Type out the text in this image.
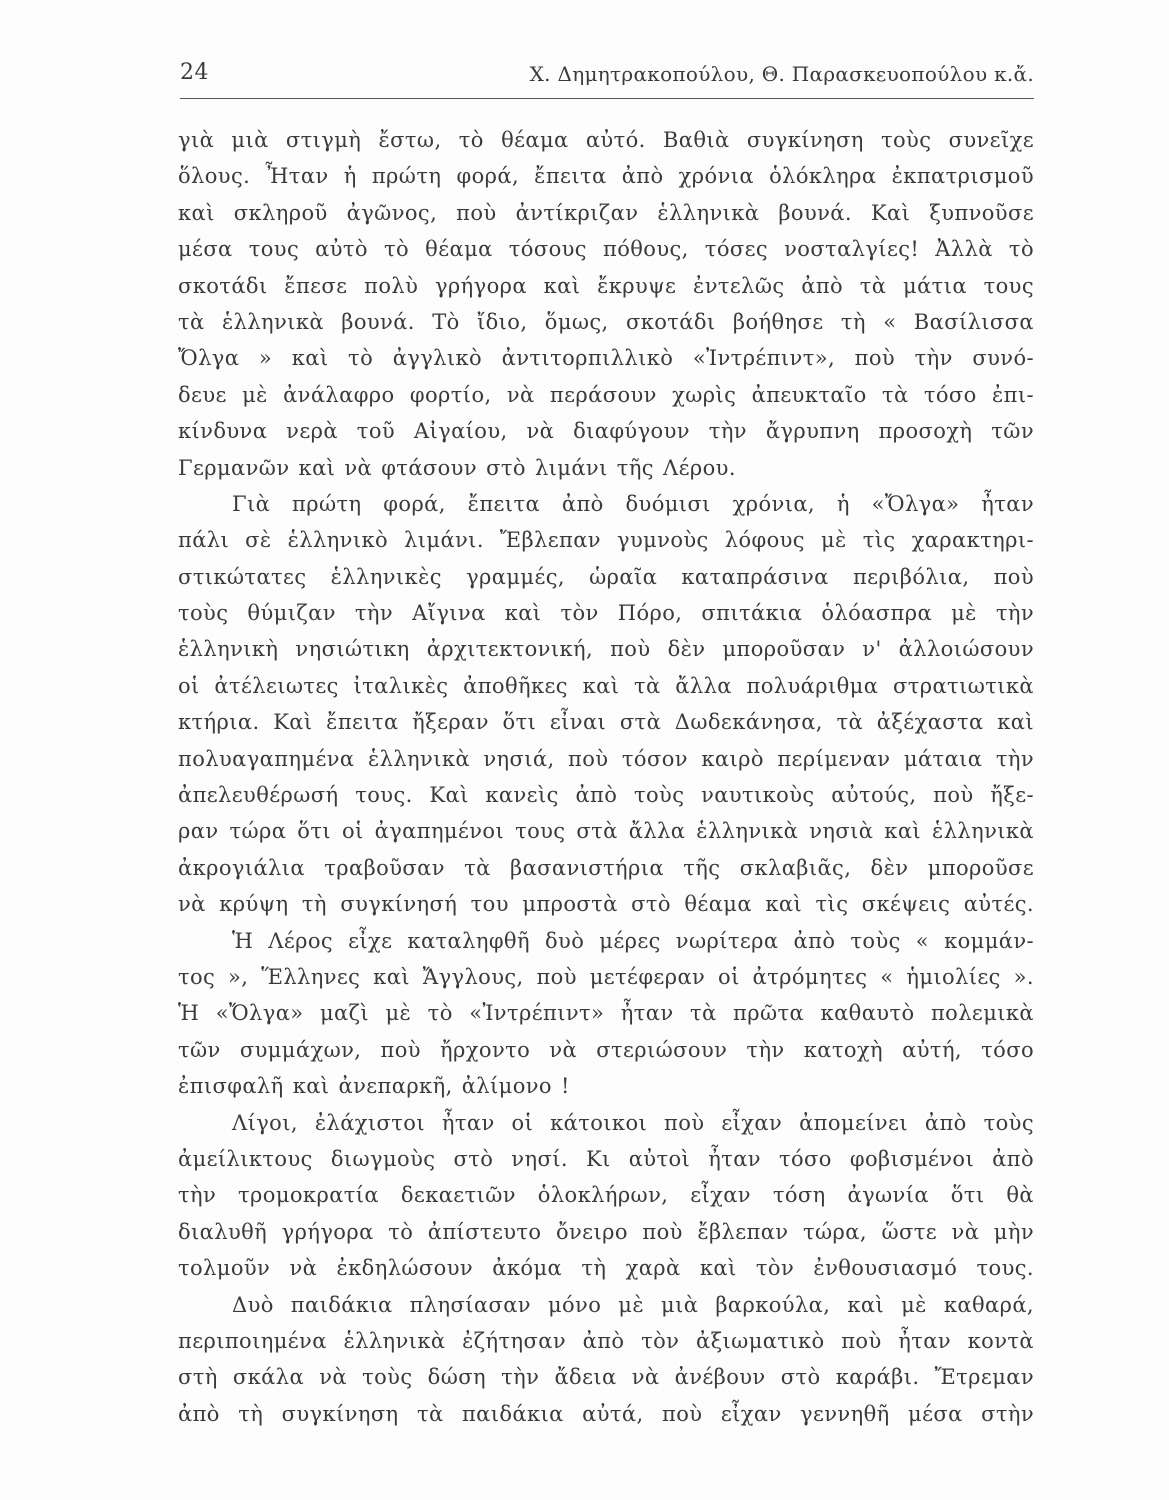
24	Χ. Δημητρακοπούλου, Θ. Παρασκευοπούλου κ.ἄ.
γιὰ μιὰ στιγμὴ ἔστω, τὸ θέαμα αὐτό. Βαθιὰ συγκίνηση τοὺς συνεῖχε
ὅλους. Ἦταν ἡ πρώτη φορά, ἔπειτα ἀπὸ χρόνια ὁλόκληρα ἐκπατρισμοῦ
καὶ σκληροῦ ἀγῶνος, ποὺ ἀντίκριζαν ἑλληνικὰ βουνά. Καὶ ξυπνοῦσε
μέσα τους αὐτὸ τὸ θέαμα τόσους πόθους, τόσες νοσταλγίες! Ἀλλὰ τὸ
σκοτάδι ἔπεσε πολὺ γρήγορα καὶ ἔκρυψε ἐντελῶς ἀπὸ τὰ μάτια τους
τὰ ἑλληνικὰ βουνά. Τὸ ἴδιο, ὅμως, σκοτάδι βοήθησε τὴ « Βασίλισσα
Ὄλγα » καὶ τὸ ἀγγλικὸ ἀντιτορπιλλικὸ «Ἰντρέπιντ», ποὺ τὴν συνό-
δευε μὲ ἀνάλαφρο φορτίο, νὰ περάσουν χωρὶς ἀπευκταῖο τὰ τόσο ἐπι-
κίνδυνα νερὰ τοῦ Αἰγαίου, νὰ διαφύγουν τὴν ἄγρυπνη προσοχὴ τῶν
Γερμανῶν καὶ νὰ φτάσουν στὸ λιμάνι τῆς Λέρου.
Γιὰ πρώτη φορά, ἔπειτα ἀπὸ δυόμισι χρόνια, ἡ «Ὄλγα» ἦταν
πάλι σὲ ἑλληνικὸ λιμάνι. Ἔβλεπαν γυμνοὺς λόφους μὲ τὶς χαρακτηρι-
στικώτατες ἑλληνικὲς γραμμές, ὡραῖα καταπράσινα περιβόλια, ποὺ
τοὺς θύμιζαν τὴν Αἴγινα καὶ τὸν Πόρο, σπιτάκια ὁλόασπρα μὲ τὴν
ἑλληνικὴ νησιώτικη ἀρχιτεκτονική, ποὺ δὲν μποροῦσαν ν' ἀλλοιώσουν
οἱ ἀτέλειωτες ἰταλικὲς ἀποθῆκες καὶ τὰ ἄλλα πολυάριθμα στρατιωτικὰ
κτήρια. Καὶ ἔπειτα ἤξεραν ὅτι εἶναι στὰ Δωδεκάνησα, τὰ ἀξέχαστα καὶ
πολυαγαπημένα ἑλληνικὰ νησιά, ποὺ τόσον καιρὸ περίμεναν μάταια τὴν
ἀπελευθέρωσή τους. Καὶ κανεὶς ἀπὸ τοὺς ναυτικοὺς αὐτούς, ποὺ ἤξε-
ραν τώρα ὅτι οἱ ἀγαπημένοι τους στὰ ἄλλα ἑλληνικὰ νησιὰ καὶ ἑλληνικὰ
ἀκρογιάλια τραβοῦσαν τὰ βασανιστήρια τῆς σκλαβιᾶς, δὲν μποροῦσε
νὰ κρύψη τὴ συγκίνησή του μπροστὰ στὸ θέαμα καὶ τὶς σκέψεις αὐτές.
Ἡ Λέρος εἶχε καταληφθῆ δυὸ μέρες νωρίτερα ἀπὸ τοὺς « κομμάν-
τος », Ἕλληνες καὶ Ἄγγλους, ποὺ μετέφεραν οἱ ἀτρόμητες « ἡμιολίες ».
Ἡ «Ὄλγα» μαζὶ μὲ τὸ «Ἰντρέπιντ» ἦταν τὰ πρῶτα καθαυτὸ πολεμικὰ
τῶν συμμάχων, ποὺ ἤρχοντο νὰ στεριώσουν τὴν κατοχὴ αὐτή, τόσο
ἐπισφαλῆ καὶ ἀνεπαρκῆ, ἀλίμονο !
Λίγοι, ἐλάχιστοι ἦταν οἱ κάτοικοι ποὺ εἶχαν ἀπομείνει ἀπὸ τοὺς
ἀμείλικτους διωγμοὺς στὸ νησί. Κι αὐτοὶ ἦταν τόσο φοβισμένοι ἀπὸ
τὴν τρομοκρατία δεκαετιῶν ὁλοκλήρων, εἶχαν τόση ἀγωνία ὅτι θὰ
διαλυθῆ γρήγορα τὸ ἀπίστευτο ὄνειρο ποὺ ἔβλεπαν τώρα, ὥστε νὰ μὴν
τολμοῦν νὰ ἐκδηλώσουν ἀκόμα τὴ χαρὰ καὶ τὸν ἐνθουσιασμό τους.
Δυὸ παιδάκια πλησίασαν μόνο μὲ μιὰ βαρκούλα, καὶ μὲ καθαρά,
περιποιημένα ἑλληνικὰ ἐζήτησαν ἀπὸ τὸν ἀξιωματικὸ ποὺ ἦταν κοντὰ
στὴ σκάλα νὰ τοὺς δώση τὴν ἄδεια νὰ ἀνέβουν στὸ καράβι. Ἔτρεμαν
ἀπὸ τὴ συγκίνηση τὰ παιδάκια αὐτά, ποὺ εἶχαν γεννηθῆ μέσα στὴν
